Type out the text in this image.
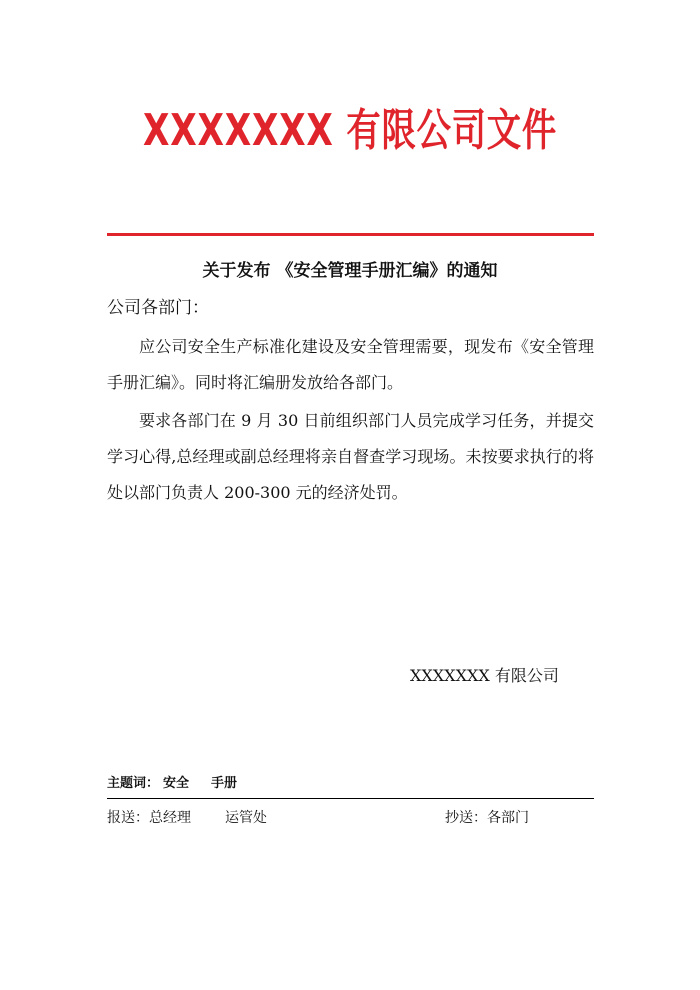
XXXXXXX 有限公司文件
关于发布 《安全管理手册汇编》的通知
公司各部门：

应公司安全生产标准化建设及安全管理需要，现发布《安全管理手册汇编》。同时将汇编册发放给各部门。

要求各部门在 9 月 30 日前组织部门人员完成学习任务，并提交学习心得,总经理或副总经理将亲自督查学习现场。未按要求执行的将处以部门负责人 200-300 元的经济处罚。

XXXXXXX 有限公司
主题词： 安全 手册
报送：总经理 运管处	抄送：各部门
